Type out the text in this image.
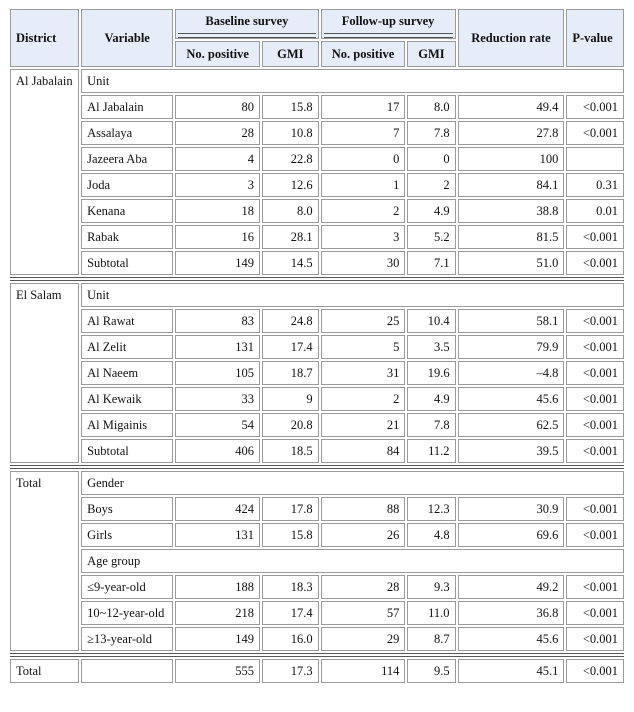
District	Variable	Baseline survey		Follow-up survey		Reduction rate	P-value
		No. positive	GMI	No. positive	GMI		
Al Jabalain	Unit						
	Al Jabalain	80	15.8	17	8.0	49.4	<0.001
	Assalaya	28	10.8	7	7.8	27.8	<0.001
	Jazeera Aba	4	22.8	0	0	100	
	Joda	3	12.6	1	2	84.1	0.31
	Kenana	18	8.0	2	4.9	38.8	0.01
	Rabak	16	28.1	3	5.2	81.5	<0.001
	Subtotal	149	14.5	30	7.1	51.0	<0.001

El Salam	Unit						
	Al Rawat	83	24.8	25	10.4	58.1	<0.001
	Al Zelit	131	17.4	5	3.5	79.9	<0.001
	Al Naeem	105	18.7	31	19.6	–4.8	<0.001
	Al Kewaik	33	9	2	4.9	45.6	<0.001
	Al Migainis	54	20.8	21	7.8	62.5	<0.001
	Subtotal	406	18.5	84	11.2	39.5	<0.001

Total	Gender						
	Boys	424	17.8	88	12.3	30.9	<0.001
	Girls	131	15.8	26	4.8	69.6	<0.001
	Age group						
	≤9-year-old	188	18.3	28	9.3	49.2	<0.001
	10~12-year-old	218	17.4	57	11.0	36.8	<0.001
	≥13-year-old	149	16.0	29	8.7	45.6	<0.001

Total		555	17.3	114	9.5	45.1	<0.001
